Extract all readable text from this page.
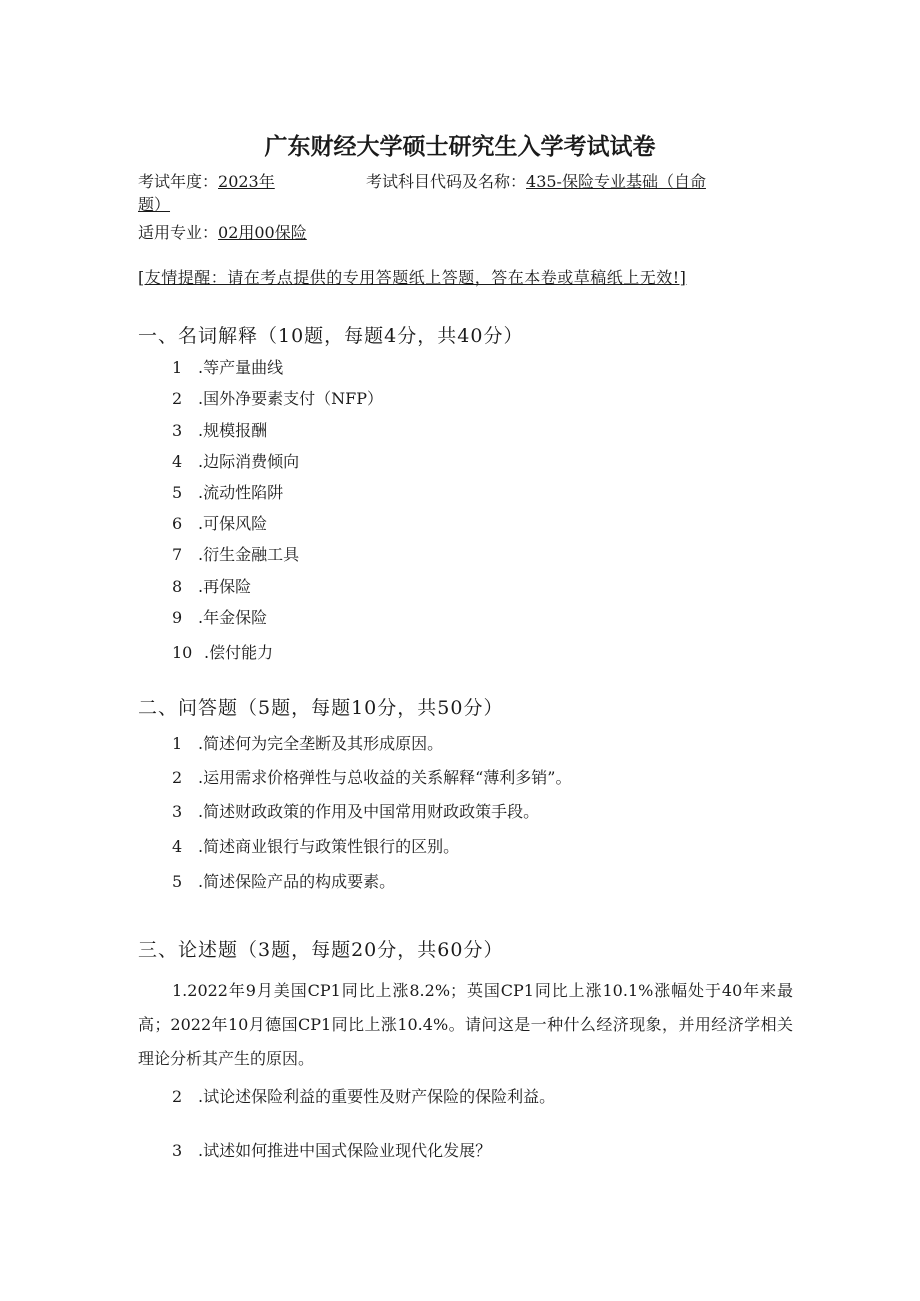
广东财经大学硕士研究生入学考试试卷
考试年度：2023年	考试科目代码及名称：435-保险专业基础（自命
题）
适用专业：02用00保险
[友情提醒：请在考点提供的专用答题纸上答题，答在本卷或草稿纸上无效!]
一、名词解释（10题，每题4分，共40分）
1 .等产量曲线
2 .国外净要素支付（NFP）
3 .规模报酬
4 .边际消费倾向
5 .流动性陷阱
6 .可保风险
7 .衍生金融工具
8 .再保险
9 .年金保险
10 .偿付能力
二、问答题（5题，每题10分，共50分）
1 .简述何为完全垄断及其形成原因。
2 .运用需求价格弹性与总收益的关系解释“薄利多销”。
3 .简述财政政策的作用及中国常用财政政策手段。
4 .简述商业银行与政策性银行的区别。
5 .简述保险产品的构成要素。
三、论述题（3题，每题20分，共60分）
1.2022年9月美国CP1同比上涨8.2%；英国CP1同比上涨10.1%涨幅处于40年来最高；2022年10月德国CP1同比上涨10.4%。请问这是一种什么经济现象，并用经济学相关理论分析其产生的原因。
2 .试论述保险利益的重要性及财产保险的保险利益。
3 .试述如何推进中国式保险业现代化发展？
